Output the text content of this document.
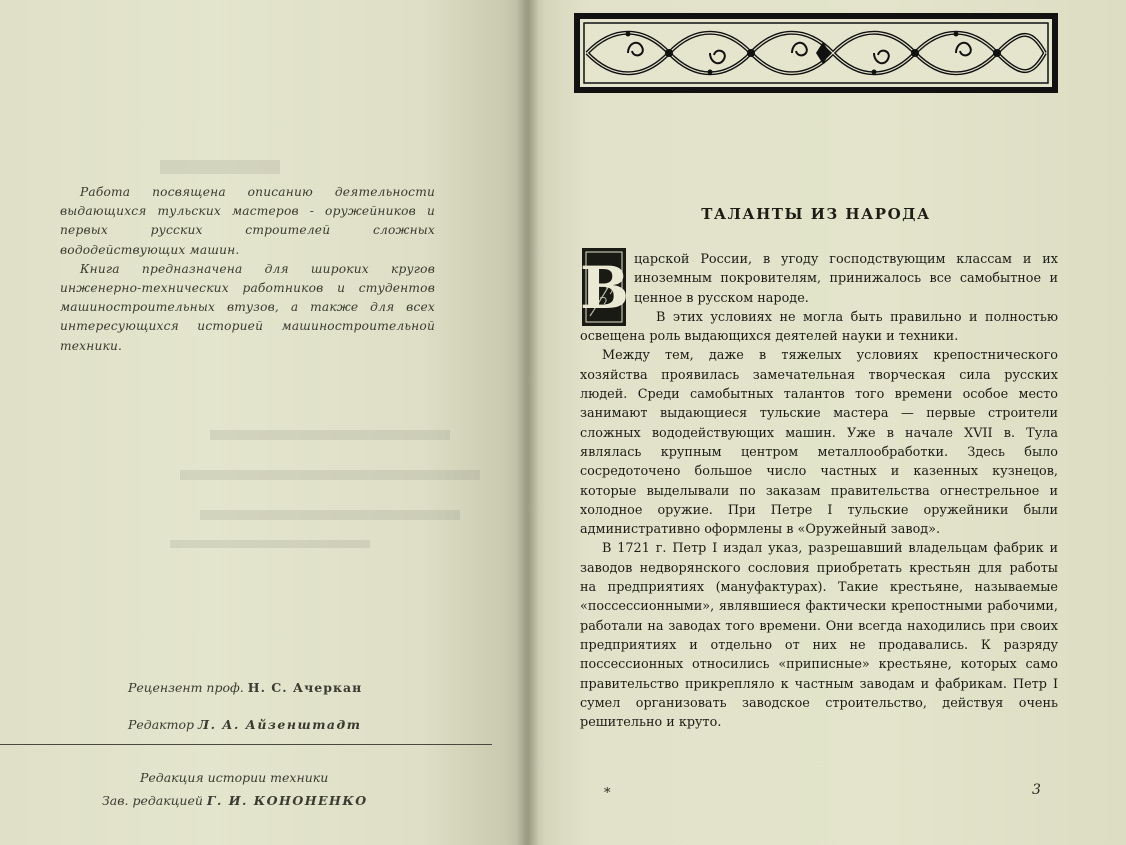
Работа посвящена описанию деятельности выдающихся тульских мастеров - оружейников и первых русских строителей сложных вододействующих машин.

Книга предназначена для широких кругов инженерно-технических работников и студентов машиностроительных втузов, а также для всех интересующихся историей машиностроительной техники.

Рецензент проф. Н. С. Ачеркан
Редактор Л. А. Айзенштадт
Редакция истории техники
Зав. редакцией Г. И. КОНОНЕНКО
ТАЛАНТЫ ИЗ НАРОДА
В царской России, в угоду господствующим классам и их иноземным покровителям, принижалось все самобытное и ценное в русском народе.

В этих условиях не могла быть правильно и полностью освещена роль выдающихся деятелей науки и техники.

Между тем, даже в тяжелых условиях крепостнического хозяйства проявилась замечательная творческая сила русских людей. Среди самобытных талантов того времени особое место занимают выдающиеся тульские мастера — первые строители сложных вододействующих машин. Уже в начале XVII в. Тула являлась крупным центром металлообработки. Здесь было сосредоточено большое число частных и казенных кузнецов, которые выделывали по заказам правительства огнестрельное и холодное оружие. При Петре I тульские оружейники были административно оформлены в «Оружейный завод».

В 1721 г. Петр I издал указ, разрешавший владельцам фабрик и заводов недворянского сословия приобретать крестьян для работы на предприятиях (мануфактурах). Такие крестьяне, называемые «поссессионными», являвшиеся фактически крепостными рабочими, работали на заводах того времени. Они всегда находились при своих предприятиях и отдельно от них не продавались. К разряду поссессионных относились «приписные» крестьяне, которых само правительство прикрепляло к частным заводам и фабрикам. Петр I сумел организовать заводское строительство, действуя очень решительно и круто.

*	3
